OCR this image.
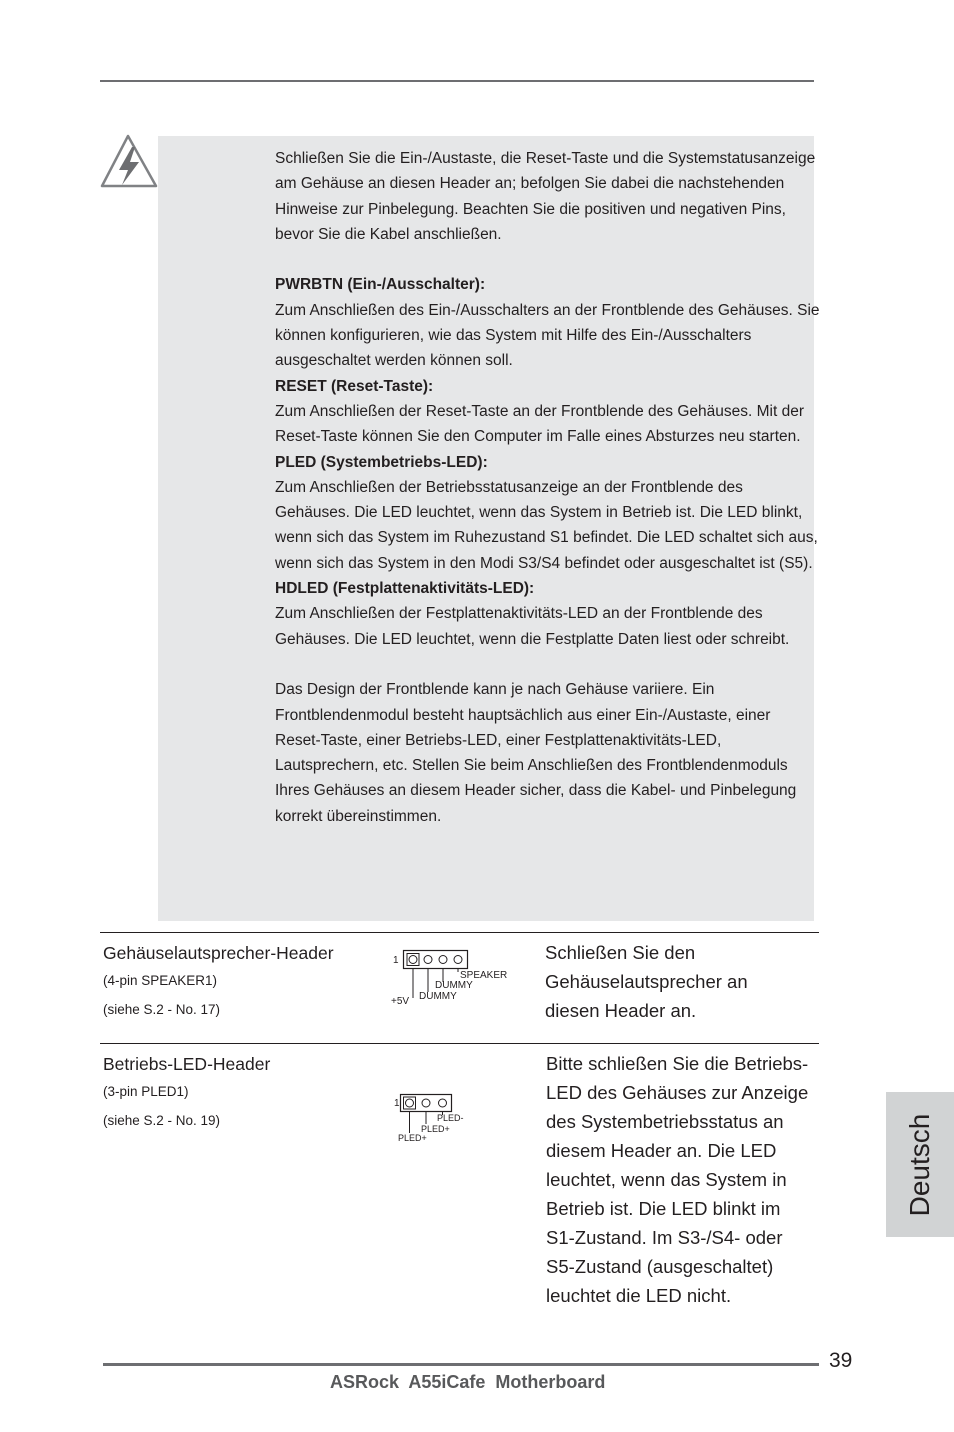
Schließen Sie die Ein-/Austaste, die Reset-Taste und die Systemstatusanzeige am Gehäuse an diesen Header an; befolgen Sie dabei die nachstehenden Hinweise zur Pinbelegung. Beachten Sie die positiven und negativen Pins, bevor Sie die Kabel anschließen.

PWRBTN (Ein-/Ausschalter):

Zum Anschließen des Ein-/Ausschalters an der Frontblende des Gehäuses. Sie können konfigurieren, wie das System mit Hilfe des Ein-/Ausschalters ausgeschaltet werden können soll.

RESET (Reset-Taste):

Zum Anschließen der Reset-Taste an der Frontblende des Gehäuses. Mit der Reset-Taste können Sie den Computer im Falle eines Absturzes neu starten.

PLED (Systembetriebs-LED):

Zum Anschließen der Betriebsstatusanzeige an der Frontblende des Gehäuses. Die LED leuchtet, wenn das System in Betrieb ist. Die LED blinkt, wenn sich das System im Ruhezustand S1 befindet. Die LED schaltet sich aus, wenn sich das System in den Modi S3/S4 befindet oder ausgeschaltet ist (S5).

HDLED (Festplattenaktivitäts-LED):

Zum Anschließen der Festplattenaktivitäts-LED an der Frontblende des Gehäuses. Die LED leuchtet, wenn die Festplatte Daten liest oder schreibt.

Das Design der Frontblende kann je nach Gehäuse variiere. Ein Frontblendenmodul besteht hauptsächlich aus einer Ein-/Austaste, einer Reset-Taste, einer Betriebs-LED, einer Festplattenaktivitäts-LED, Lautsprechern, etc. Stellen Sie beim Anschließen des Frontblendenmoduls Ihres Gehäuses an diesem Header sicher, dass die Kabel- und Pinbelegung korrekt übereinstimmen.

Gehäuselautsprecher-Header
(4-pin SPEAKER1)
(siehe S.2 - No. 17)
1
SPEAKER
DUMMY
DUMMY
+5V

Schließen Sie den Gehäuselautsprecher an diesen Header an.

Betriebs-LED-Header
(3-pin PLED1)
(siehe S.2 - No. 19)
1
PLED-
PLED+
PLED+

Bitte schließen Sie die Betriebs-LED des Gehäuses zur Anzeige des Systembetriebsstatus an diesem Header an. Die LED leuchtet, wenn das System in Betrieb ist. Die LED blinkt im S1-Zustand. Im S3-/S4- oder S5-Zustand (ausgeschaltet) leuchtet die LED nicht.

Deutsch
39
ASRock  A55iCafe  Motherboard
